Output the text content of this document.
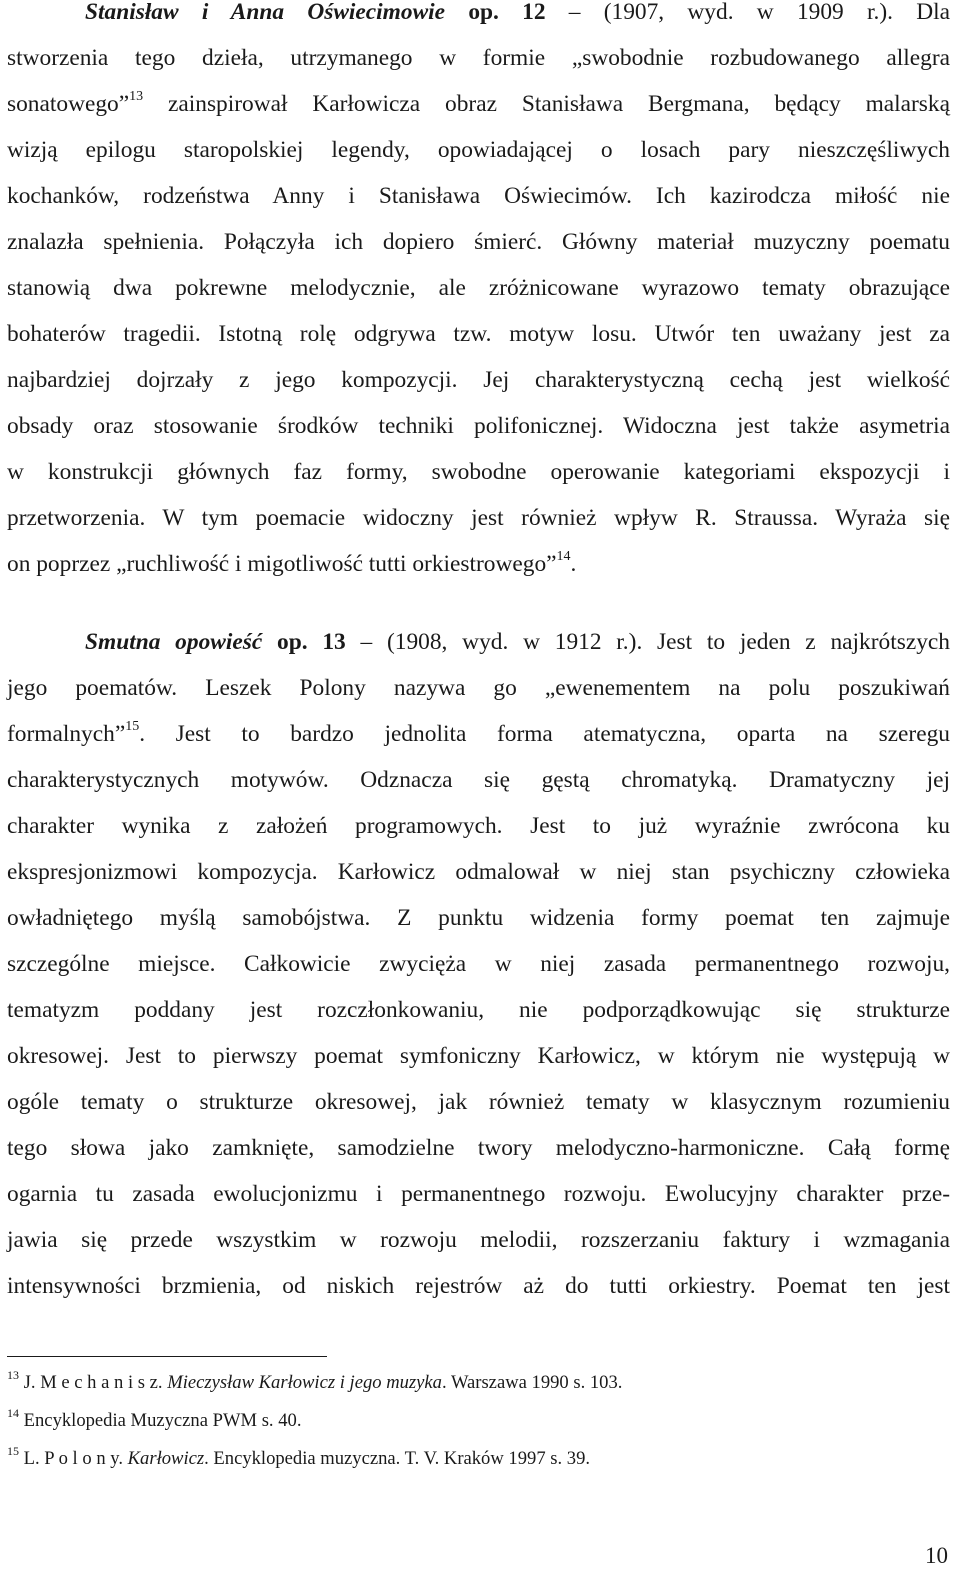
Stanisław i Anna Oświecimowie op. 12 – (1907, wyd. w 1909 r.). Dla
stworzenia tego dzieła, utrzymanego w formie „swobodnie rozbudowanego allegra
sonatowego”$^{13}$ zainspirował Karłowicza obraz Stanisława Bergmana, będący malarską
wizją epilogu staropolskiej legendy, opowiadającej o losach pary nieszczęśliwych
kochanków, rodzeństwa Anny i Stanisława Oświecimów. Ich kazirodcza miłość nie
znalazła spełnienia. Połączyła ich dopiero śmierć. Główny materiał muzyczny poematu
stanowią dwa pokrewne melodycznie, ale zróżnicowane wyrazowo tematy obrazujące
bohaterów tragedii. Istotną rolę odgrywa tzw. motyw losu. Utwór ten uważany jest za
najbardziej dojrzały z jego kompozycji. Jej charakterystyczną cechą jest wielkość
obsady oraz stosowanie środków techniki polifonicznej. Widoczna jest także asymetria
w konstrukcji głównych faz formy, swobodne operowanie kategoriami ekspozycji i
przetworzenia. W tym poemacie widoczny jest również wpływ R. Straussa. Wyraża się
on poprzez „ruchliwość i migotliwość tutti orkiestrowego”$^{14}$.
Smutna opowieść op. 13 – (1908, wyd. w 1912 r.). Jest to jeden z najkrótszych
jego poematów. Leszek Polony nazywa go „ewenementem na polu poszukiwań
formalnych”$^{15}$. Jest to bardzo jednolita forma atematyczna, oparta na szeregu
charakterystycznych motywów. Odznacza się gęstą chromatyką. Dramatyczny jej
charakter wynika z założeń programowych. Jest to już wyraźnie zwrócona ku
ekspresjonizmowi kompozycja. Karłowicz odmalował w niej stan psychiczny człowieka
owładniętego myślą samobójstwa. Z punktu widzenia formy poemat ten zajmuje
szczególne miejsce. Całkowicie zwycięża w niej zasada permanentnego rozwoju,
tematyzm poddany jest rozczłonkowaniu, nie podporządkowując się strukturze
okresowej. Jest to pierwszy poemat symfoniczny Karłowicz, w którym nie występują w
ogóle tematy o strukturze okresowej, jak również tematy w klasycznym rozumieniu
tego słowa jako zamknięte, samodzielne twory melodyczno-harmoniczne. Całą formę
ogarnia tu zasada ewolucjonizmu i permanentnego rozwoju. Ewolucyjny charakter prze-
jawia się przede wszystkim w rozwoju melodii, rozszerzaniu faktury i wzmagania
intensywności brzmienia, od niskich rejestrów aż do tutti orkiestry. Poemat ten jest
$^{13}$ J. M e c h a n i s z. Mieczysław Karłowicz i jego muzyka. Warszawa 1990 s. 103.
$^{14}$ Encyklopedia Muzyczna PWM s. 40.
$^{15}$ L. P o l o n y. Karłowicz. Encyklopedia muzyczna. T. V. Kraków 1997 s. 39.
10
